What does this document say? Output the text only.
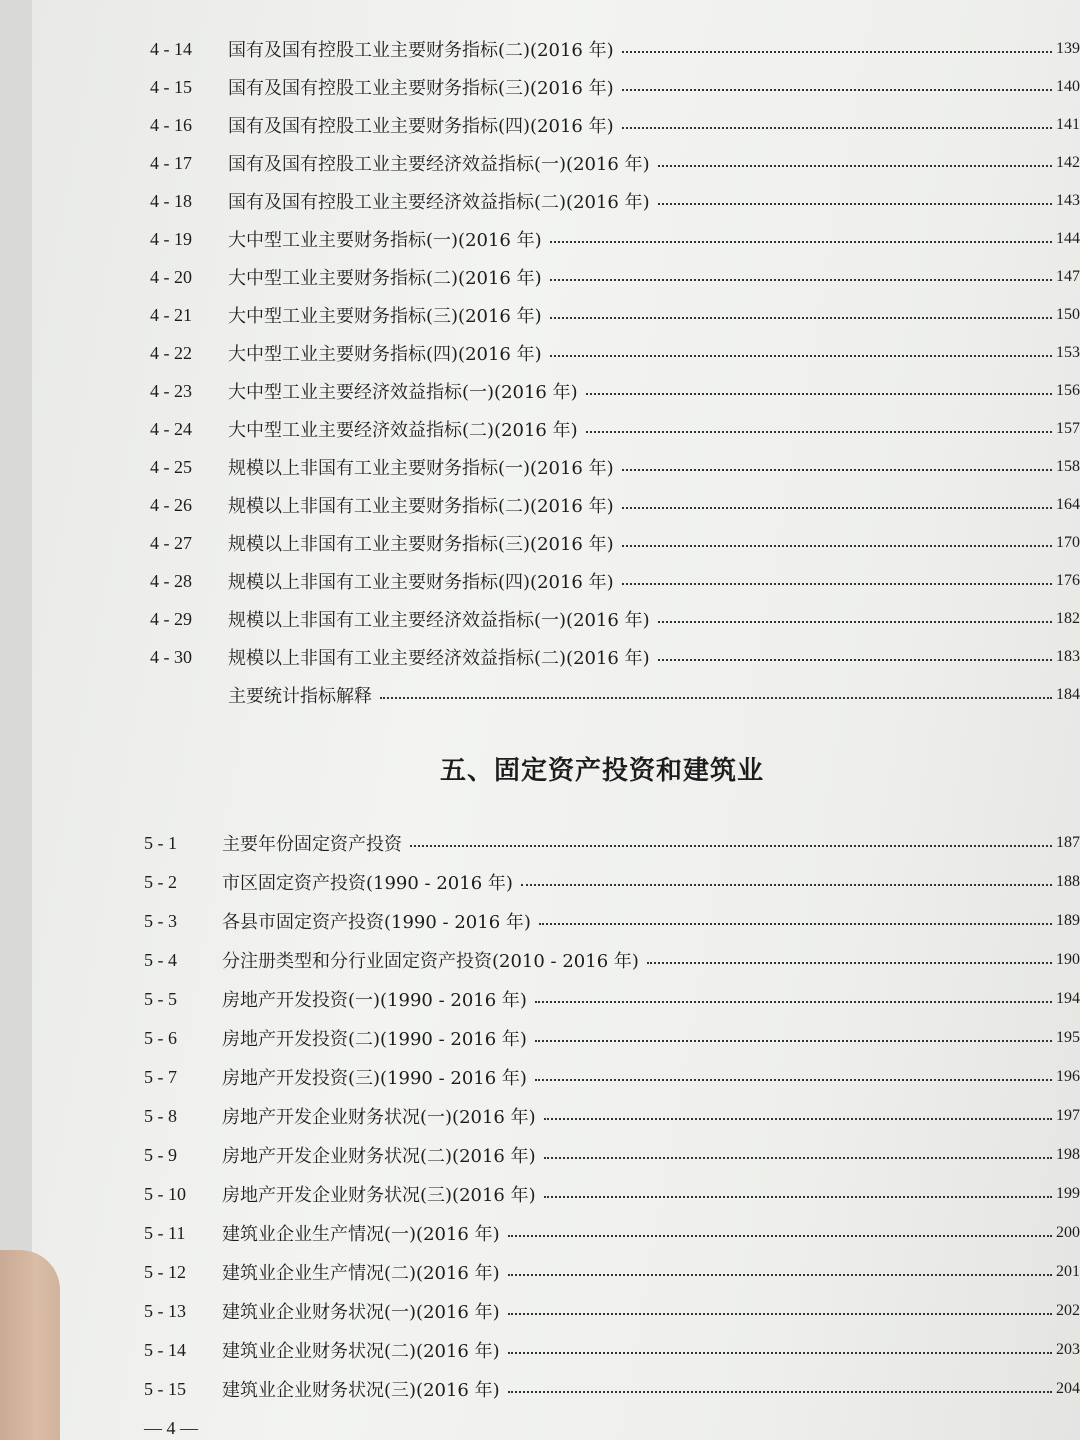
4 - 14	国有及国有控股工业主要财务指标(二)(2016 年)	139
4 - 15	国有及国有控股工业主要财务指标(三)(2016 年)	140
4 - 16	国有及国有控股工业主要财务指标(四)(2016 年)	141
4 - 17	国有及国有控股工业主要经济效益指标(一)(2016 年)	142
4 - 18	国有及国有控股工业主要经济效益指标(二)(2016 年)	143
4 - 19	大中型工业主要财务指标(一)(2016 年)	144
4 - 20	大中型工业主要财务指标(二)(2016 年)	147
4 - 21	大中型工业主要财务指标(三)(2016 年)	150
4 - 22	大中型工业主要财务指标(四)(2016 年)	153
4 - 23	大中型工业主要经济效益指标(一)(2016 年)	156
4 - 24	大中型工业主要经济效益指标(二)(2016 年)	157
4 - 25	规模以上非国有工业主要财务指标(一)(2016 年)	158
4 - 26	规模以上非国有工业主要财务指标(二)(2016 年)	164
4 - 27	规模以上非国有工业主要财务指标(三)(2016 年)	170
4 - 28	规模以上非国有工业主要财务指标(四)(2016 年)	176
4 - 29	规模以上非国有工业主要经济效益指标(一)(2016 年)	182
4 - 30	规模以上非国有工业主要经济效益指标(二)(2016 年)	183
主要统计指标解释	184
五、固定资产投资和建筑业
5 - 1	主要年份固定资产投资	187
5 - 2	市区固定资产投资(1990 - 2016 年)	188
5 - 3	各县市固定资产投资(1990 - 2016 年)	189
5 - 4	分注册类型和分行业固定资产投资(2010 - 2016 年)	190
5 - 5	房地产开发投资(一)(1990 - 2016 年)	194
5 - 6	房地产开发投资(二)(1990 - 2016 年)	195
5 - 7	房地产开发投资(三)(1990 - 2016 年)	196
5 - 8	房地产开发企业财务状况(一)(2016 年)	197
5 - 9	房地产开发企业财务状况(二)(2016 年)	198
5 - 10	房地产开发企业财务状况(三)(2016 年)	199
5 - 11	建筑业企业生产情况(一)(2016 年)	200
5 - 12	建筑业企业生产情况(二)(2016 年)	201
5 - 13	建筑业企业财务状况(一)(2016 年)	202
5 - 14	建筑业企业财务状况(二)(2016 年)	203
5 - 15	建筑业企业财务状况(三)(2016 年)	204
— 4 —
